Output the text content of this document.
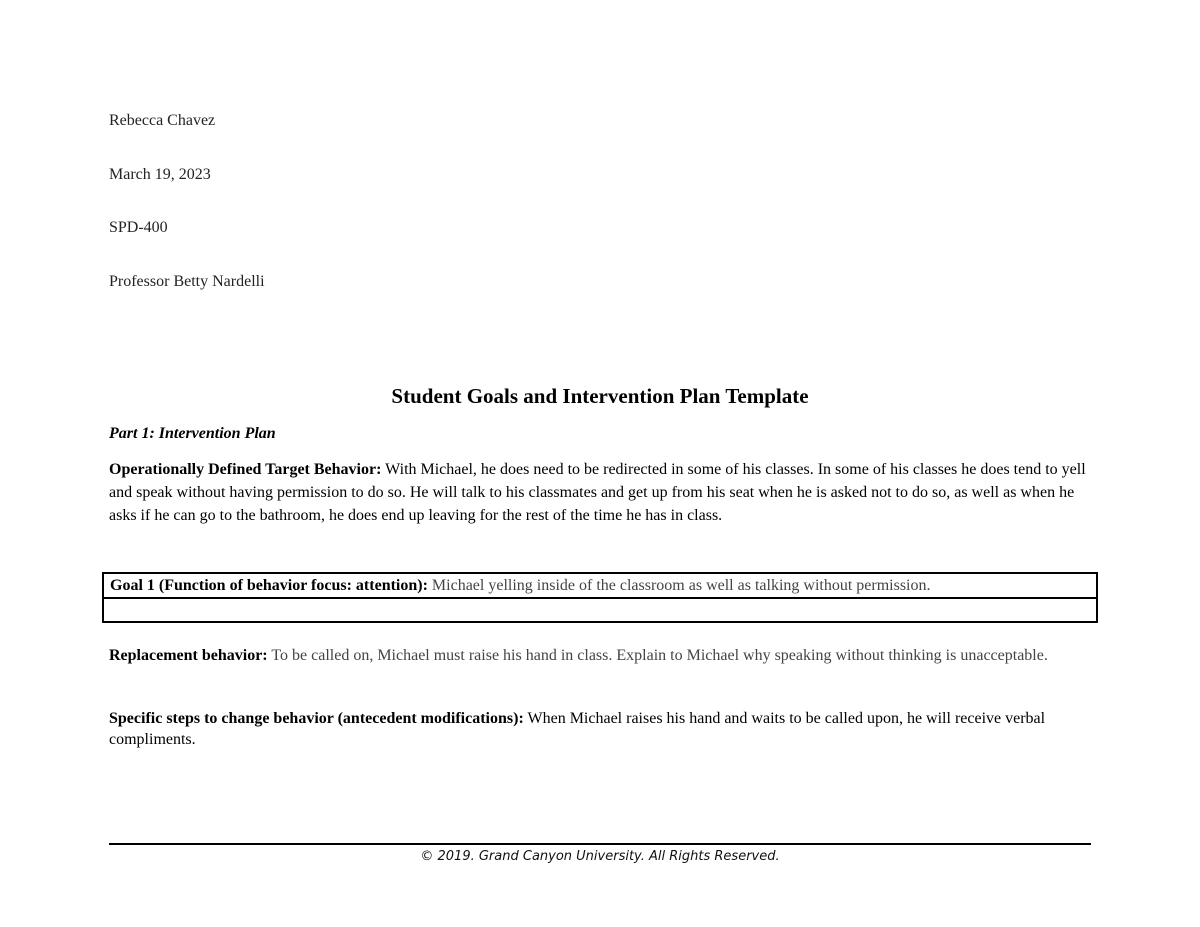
Rebecca Chavez
March 19, 2023
SPD-400
Professor Betty Nardelli
Student Goals and Intervention Plan Template
Part 1: Intervention Plan
Operationally Defined Target Behavior: With Michael, he does need to be redirected in some of his classes. In some of his classes he does tend to yell and speak without having permission to do so. He will talk to his classmates and get up from his seat when he is asked not to do so, as well as when he asks if he can go to the bathroom, he does end up leaving for the rest of the time he has in class.
Goal 1 (Function of behavior focus: attention): Michael yelling inside of the classroom as well as talking without permission.

Replacement behavior: To be called on, Michael must raise his hand in class. Explain to Michael why speaking without thinking is unacceptable.
Specific steps to change behavior (antecedent modifications): When Michael raises his hand and waits to be called upon, he will receive verbal compliments.
© 2019. Grand Canyon University. All Rights Reserved.
